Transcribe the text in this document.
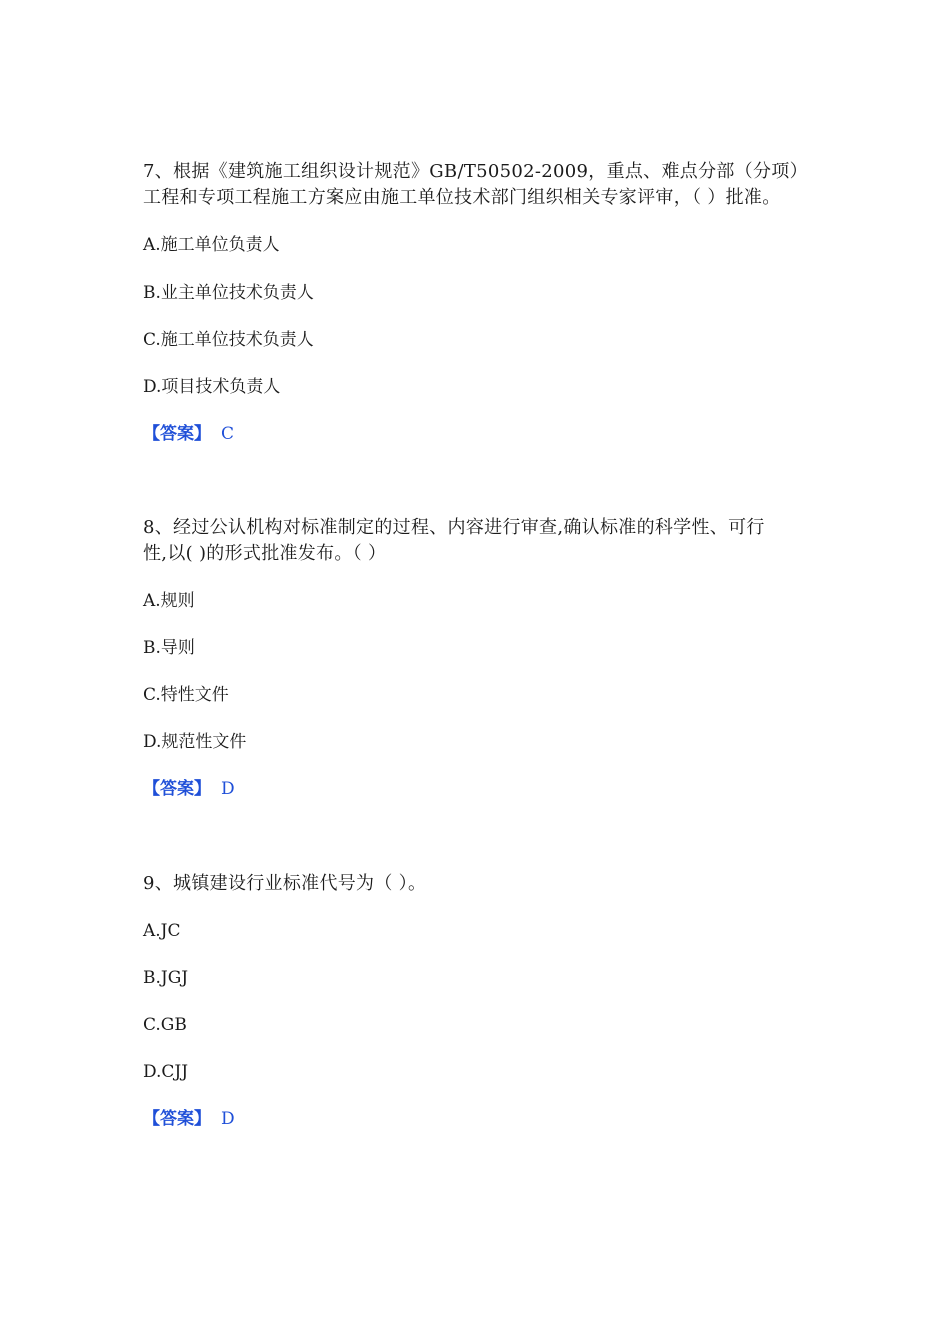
7、根据《建筑施工组织设计规范》GB/T50502-2009，重点、难点分部（分项）
工程和专项工程施工方案应由施工单位技术部门组织相关专家评审，（ ）批准。
A.施工单位负责人
B.业主单位技术负责人
C.施工单位技术负责人
D.项目技术负责人
【答案】 C
8、经过公认机构对标准制定的过程、内容进行审查,确认标准的科学性、可行
性,以( )的形式批准发布。（ ）
A.规则
B.导则
C.特性文件
D.规范性文件
【答案】 D
9、城镇建设行业标准代号为（ ）。
A.JC
B.JGJ
C.GB
D.CJJ
【答案】 D
